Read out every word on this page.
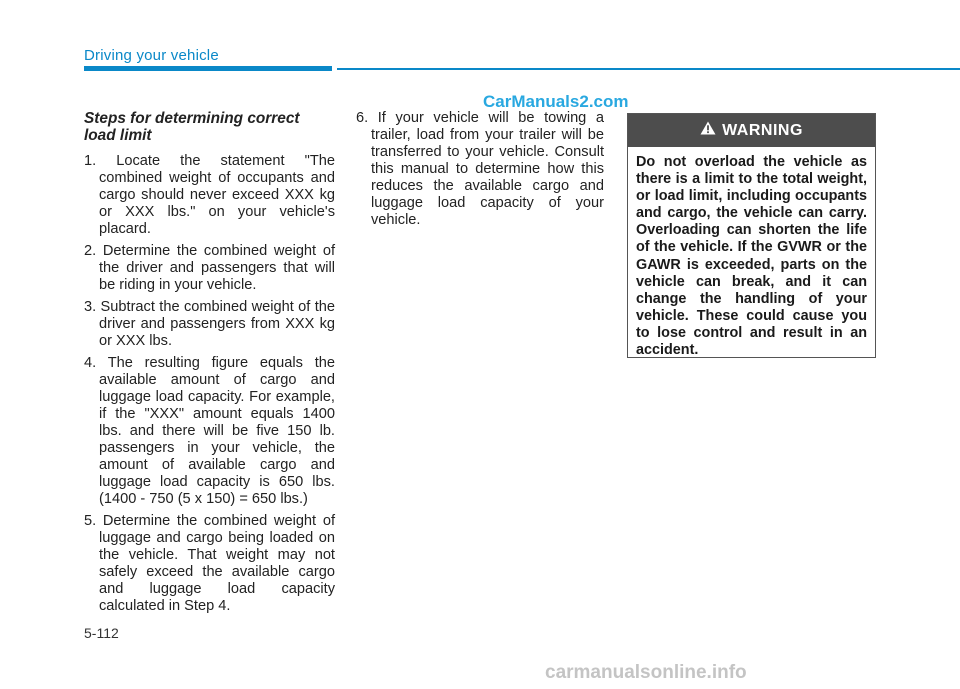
Driving your vehicle
CarManuals2.com
Steps for determining correct load limit
1. Locate the statement "The combined weight of occupants and cargo should never exceed XXX kg or XXX lbs." on your vehicle's placard.
2. Determine the combined weight of the driver and passengers that will be riding in your vehicle.
3. Subtract the combined weight of the driver and passengers from XXX kg or XXX lbs.
4. The resulting figure equals the available amount of cargo and luggage load capacity. For example, if the "XXX" amount equals 1400 lbs. and there will be five 150 lb. passengers in your vehicle, the amount of available cargo and luggage load capacity is 650 lbs. (1400 - 750 (5 x 150) = 650 lbs.)
5. Determine the combined weight of luggage and cargo being loaded on the vehicle. That weight may not safely exceed the available cargo and luggage load capacity calculated in Step 4.

6. If your vehicle will be towing a trailer, load from your trailer will be transferred to your vehicle. Consult this manual to determine how this reduces the available cargo and luggage load capacity of your vehicle.

WARNING
Do not overload the vehicle as there is a limit to the total weight, or load limit, including occupants and cargo, the vehicle can carry. Overloading can shorten the life of the vehicle. If the GVWR or the GAWR is exceeded, parts on the vehicle can break, and it can change the handling of your vehicle. These could cause you to lose control and result in an accident.
5-112
carmanualsonline.info
